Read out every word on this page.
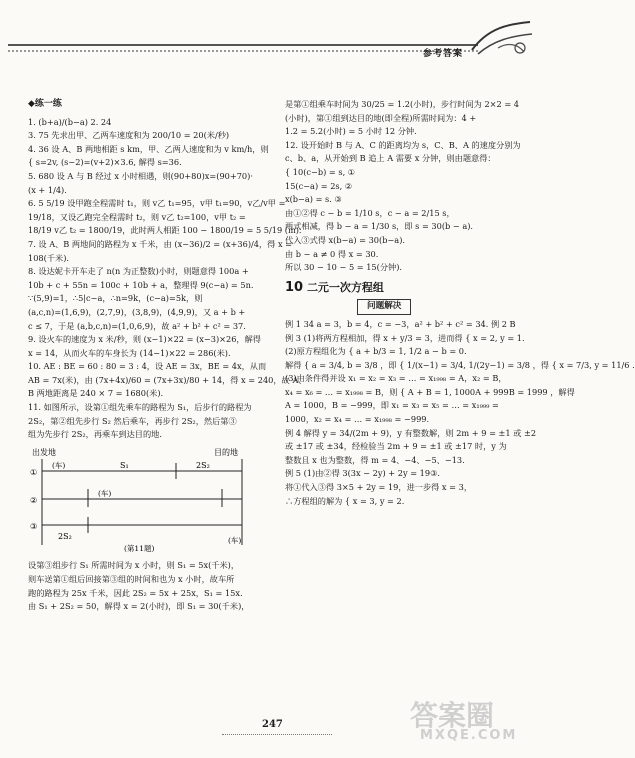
参考答案

◆练一练

1. (b+a)/(b−a) 2. 24

3. 75 先求出甲、乙两车速度和为 200/10 = 20(米/秒)

4. 36 设 A、B 两地相距 s km，甲、乙两人速度和为 v km/h，则

{ s=2v, (s−2)=(v+2)×3.6, 解得 s=36.

5. 680 设 A 与 B 经过 x 小时相遇，则(90+80)x=(90+70)·

(x + 1/4).

6. 5 5/19 设甲跑全程需时 t₁，则 v乙 t₁=95，v甲 t₁=90，v乙/v甲 =

19/18，又设乙跑完全程需时 t₂，则 v乙 t₂=100，v甲 t₂ =

18/19 v乙 t₂ = 1800/19，此时两人相距 100 − 1800/19 = 5 5/19 (m).

7. 设 A、B 两地间的路程为 x 千米，由 (x−36)/2 = (x+36)/4，得 x =

108(千米).

8. 设达妮卡开车走了 n(n 为正整数)小时，则题意得 100a +

10b + c + 55n = 100c + 10b + a，整理得 9(c−a) = 5n.

∵(5,9)=1，∴5|c−a，∴n=9k，(c−a)=5k，则

(a,c,n)=(1,6,9)，(2,7,9)，(3,8,9)，(4,9,9)，又 a + b +

c ≤ 7，于是 (a,b,c,n)=(1,0,6,9)，故 a² + b² + c² = 37.

9. 设火车的速度为 x 米/秒，则 (x−1)×22 = (x−3)×26，解得

x = 14，从而火车的车身长为 (14−1)×22 = 286(米).

10. AE : BE = 60 : 80 = 3 : 4，设 AE = 3x，BE = 4x，从而

AB = 7x(米)，由 (7x+4x)/60 = (7x+3x)/80 + 14，得 x = 240，故 A、

B 两地距离是 240 × 7 = 1680(米).

11. 如图所示，设第①组先乘车的路程为 S₁，后步行的路程为

2S₂，第②组先步行 S₂ 然后乘车，再步行 2S₂，然后第③

组为先步行 2S₂，再乘车到达目的地.

出发地	目的地
①
(车)	S₁	2S₂
②
(车)
③
2S₂	(车)
(第11题)

设第③组步行 S₁ 所需时间为 x 小时，则 S₁ = 5x(千米)，

则车送第①组后回接第③组的时间和也为 x 小时，故车所

跑的路程为 25x 千米，因此 2S₂ = 5x + 25x，S₁ = 15x.

由 S₁ + 2S₂ = 50，解得 x = 2(小时)，即 S₁ = 30(千米)，

是第①组乘车时间为 30/25 = 1.2(小时)，步行时间为 2×2 = 4

(小时)，第①组到达目的地(即全程)所需时间为：4 +

1.2 = 5.2(小时) = 5 小时 12 分钟.

12. 设开始时 B 与 A、C 的距离均为 s，C、B、A 的速度分别为

c、b、a，从开始到 B 追上 A 需要 x 分钟，则由题意得：

{ 10(c−b) = s, ①

15(c−a) = 2s, ②

x(b−a) = s. ③

由①②得 c − b = 1/10 s，c − a = 2/15 s，

两式相减，得 b − a = 1/30 s，即 s = 30(b − a).

代入③式得 x(b−a) = 30(b−a).

由 b − a ≠ 0 得 x = 30.

所以 30 − 10 − 5 = 15(分钟).

10 二元一次方程组

问题解决

例 1 34 a = 3，b = 4，c = −3，a² + b² + c² = 34. 例 2 B

例 3 (1)将两方程相加，得 x + y/3 = 3，进而得 { x = 2, y = 1.

(2)原方程组化为 { a + b/3 = 1, 1/2 a − b = 0.

解得 { a = 3/4, b = 3/8 ，即 { 1/(x−1) = 3/4, 1/(2y−1) = 3/8 ，得 { x = 7/3, y = 11/6 .

(3)由条件得并设 x₁ = x₂ = x₃ = … = x₁₉₉₈ = A，x₂ = B，

x₄ = x₆ = … = x₁₉₉₈ = B，则 { A + B = 1, 1000A + 999B = 1999 ，解得

A = 1000，B = −999，即 x₁ = x₃ = x₅ = … = x₁₉₉₉ =

1000，x₂ = x₄ = … = x₁₉₉₈ = −999.

例 4 解得 y = 34/(2m + 9)，y 有整数解，则 2m + 9 = ±1 或 ±2

或 ±17 或 ±34，经检验当 2m + 9 = ±1 或 ±17 时，y 为

整数且 x 也为整数，得 m = 4、−4、−5、−13.

例 5 (1)由②得 3(3x − 2y) + 2y = 19③.

将①代入③得 3×5 + 2y = 19，进一步得 x = 3，

∴方程组的解为 { x = 3, y = 2.

247	答案圈
MXQE.COM
